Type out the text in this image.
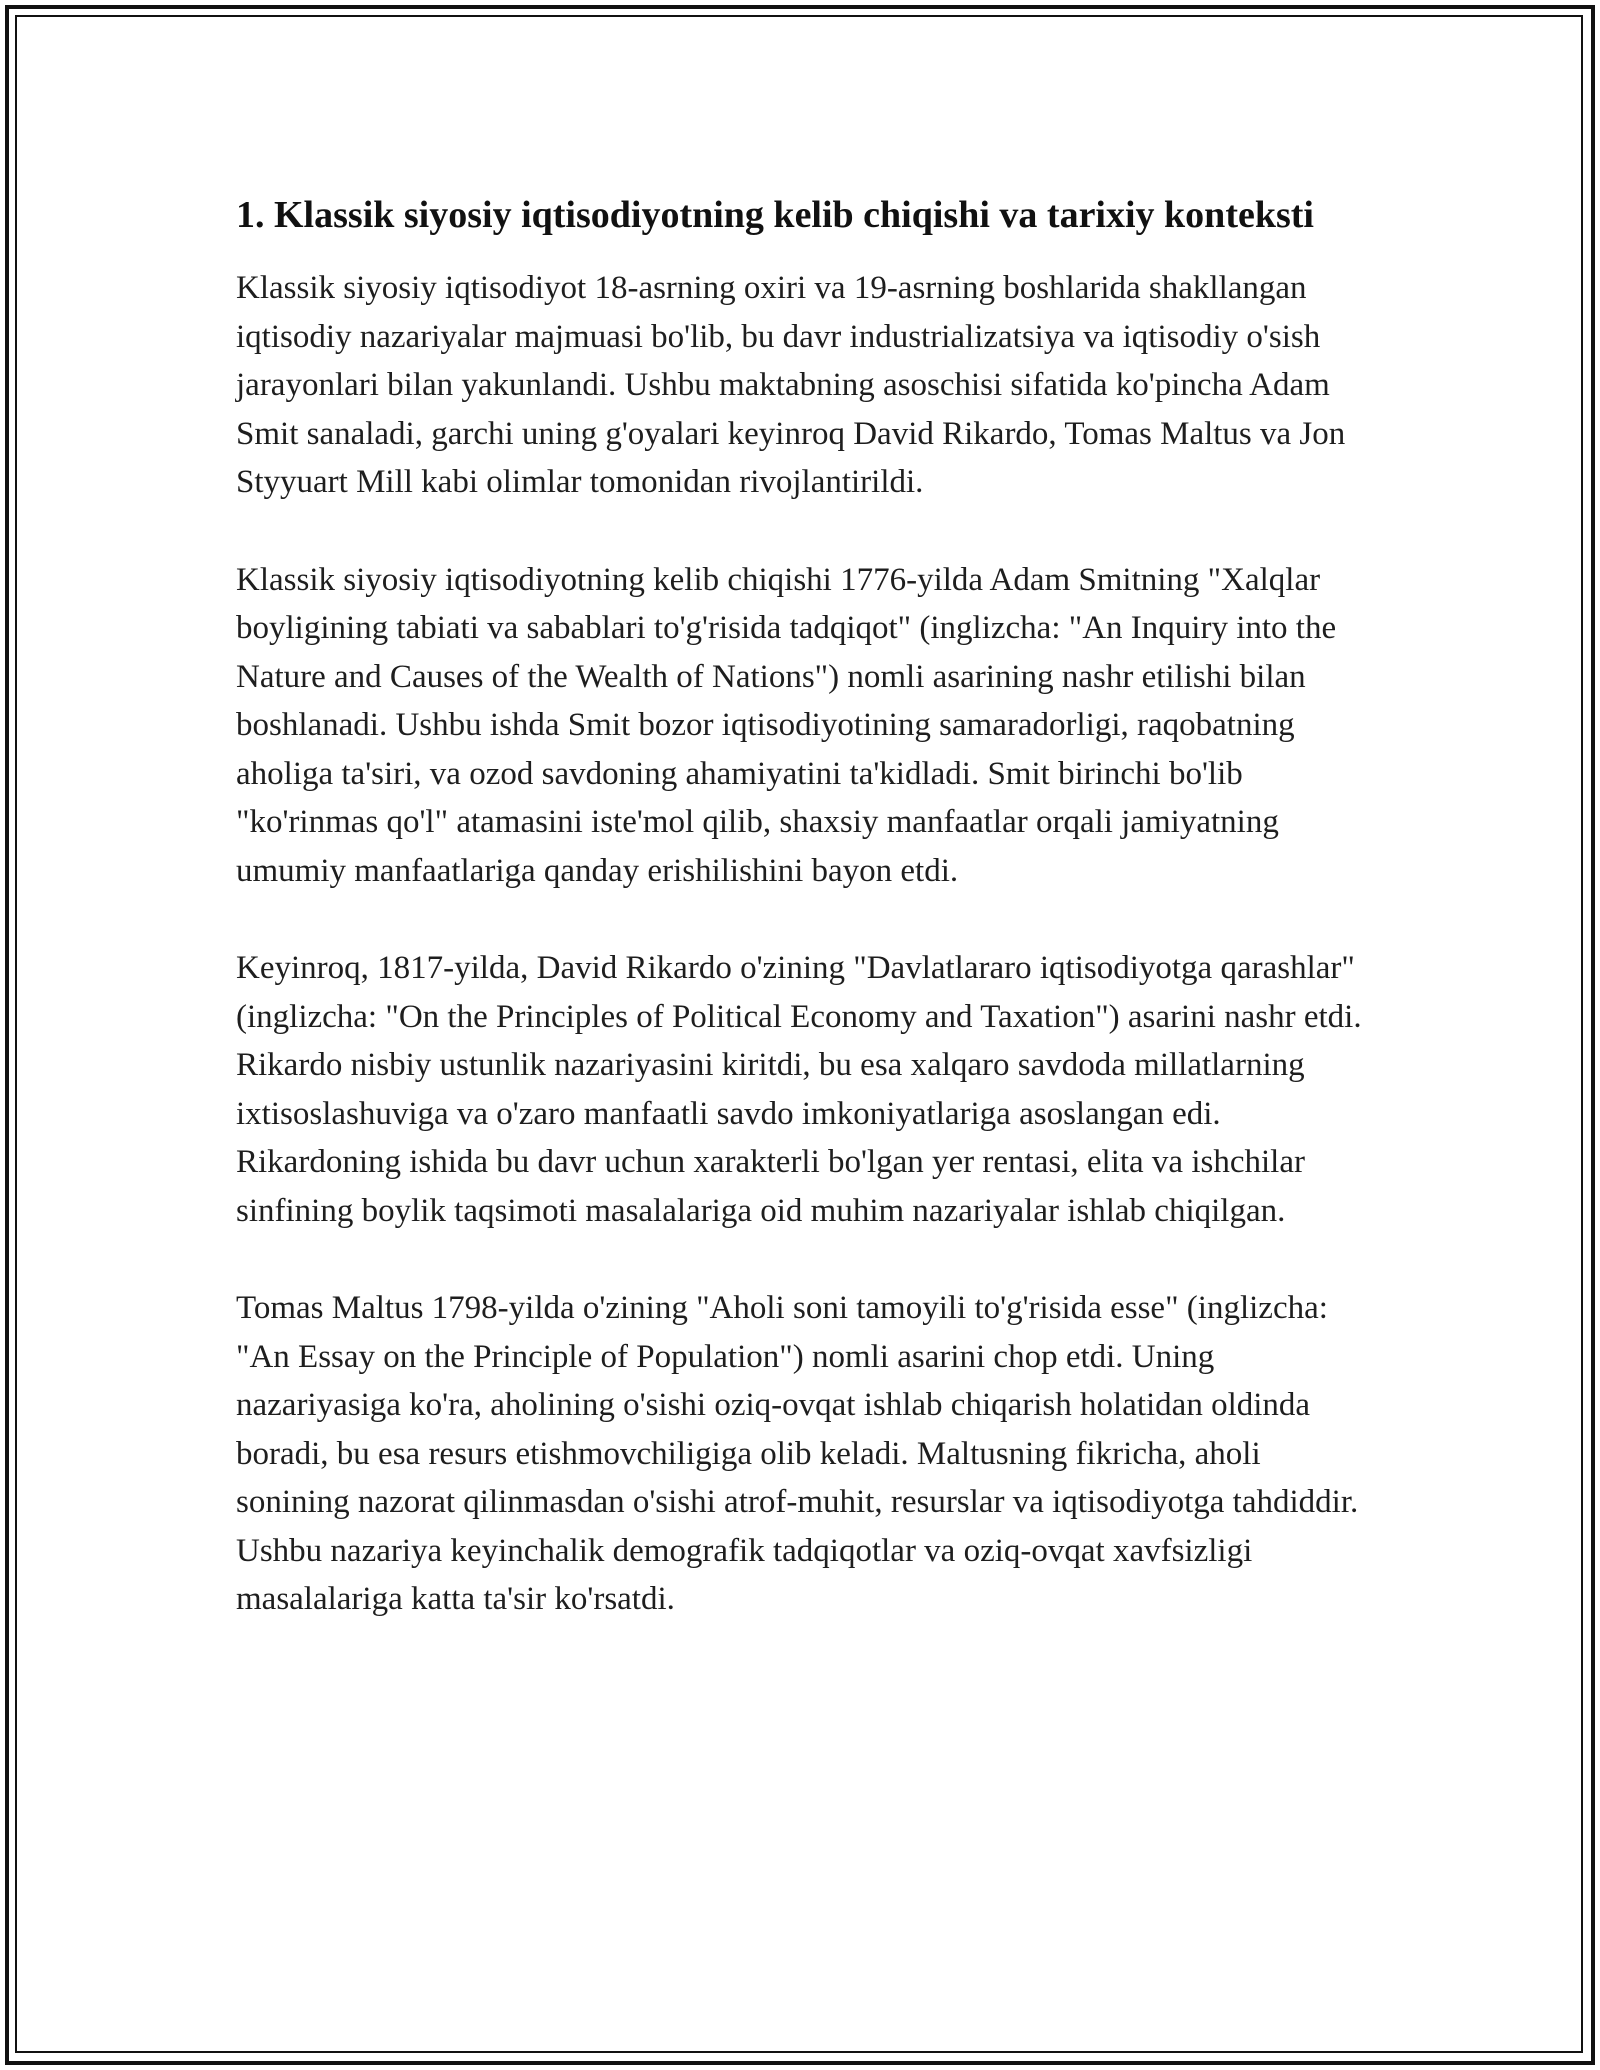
1. Klassik siyosiy iqtisodiyotning kelib chiqishi va tarixiy konteksti

Klassik siyosiy iqtisodiyot 18-asrning oxiri va 19-asrning boshlarida shakllangan iqtisodiy nazariyalar majmuasi bo'lib, bu davr industrializatsiya va iqtisodiy o'sish jarayonlari bilan yakunlandi. Ushbu maktabning asoschisi sifatida ko'pincha Adam Smit sanaladi, garchi uning g'oyalari keyinroq David Rikardo, Tomas Maltus va Jon Styyuart Mill kabi olimlar tomonidan rivojlantirildi.

Klassik siyosiy iqtisodiyotning kelib chiqishi 1776-yilda Adam Smitning "Xalqlar boyligining tabiati va sabablari to'g'risida tadqiqot" (inglizcha: "An Inquiry into the Nature and Causes of the Wealth of Nations") nomli asarining nashr etilishi bilan boshlanadi. Ushbu ishda Smit bozor iqtisodiyotining samaradorligi, raqobatning aholiga ta'siri, va ozod savdoning ahamiyatini ta'kidladi. Smit birinchi bo'lib "ko'rinmas qo'l" atamasini iste'mol qilib, shaxsiy manfaatlar orqali jamiyatning umumiy manfaatlariga qanday erishilishini bayon etdi.

Keyinroq, 1817-yilda, David Rikardo o'zining "Davlatlararo iqtisodiyotga qarashlar" (inglizcha: "On the Principles of Political Economy and Taxation") asarini nashr etdi. Rikardo nisbiy ustunlik nazariyasini kiritdi, bu esa xalqaro savdoda millatlarning ixtisoslashuviga va o'zaro manfaatli savdo imkoniyatlariga asoslangan edi. Rikardoning ishida bu davr uchun xarakterli bo'lgan yer rentasi, elita va ishchilar sinfining boylik taqsimoti masalalariga oid muhim nazariyalar ishlab chiqilgan.

Tomas Maltus 1798-yilda o'zining "Aholi soni tamoyili to'g'risida esse" (inglizcha: "An Essay on the Principle of Population") nomli asarini chop etdi. Uning nazariyasiga ko'ra, aholining o'sishi oziq-ovqat ishlab chiqarish holatidan oldinda boradi, bu esa resurs etishmovchiligiga olib keladi. Maltusning fikricha, aholi sonining nazorat qilinmasdan o'sishi atrof-muhit, resurslar va iqtisodiyotga tahdiddir. Ushbu nazariya keyinchalik demografik tadqiqotlar va oziq-ovqat xavfsizligi masalalariga katta ta'sir ko'rsatdi.
